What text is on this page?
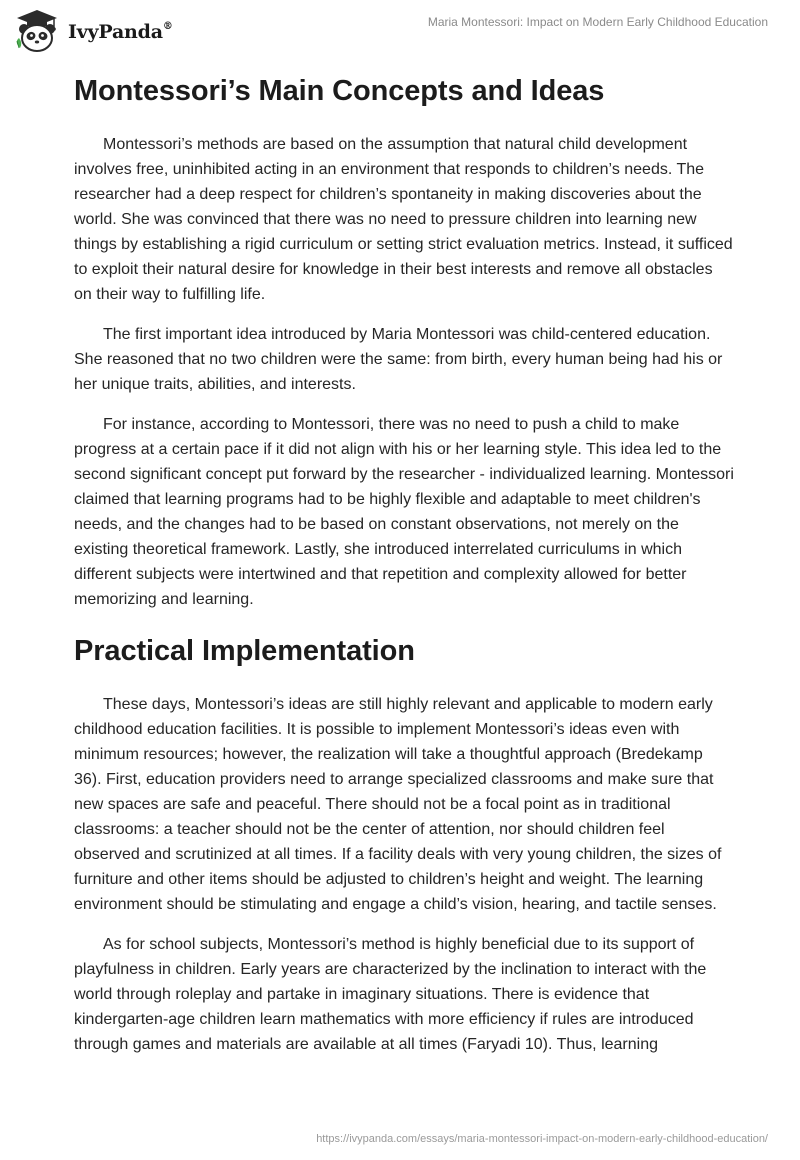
IvyPanda®	Maria Montessori: Impact on Modern Early Childhood Education
Montessori’s Main Concepts and Ideas

Montessori’s methods are based on the assumption that natural child development involves free, uninhibited acting in an environment that responds to children’s needs. The researcher had a deep respect for children’s spontaneity in making discoveries about the world. She was convinced that there was no need to pressure children into learning new things by establishing a rigid curriculum or setting strict evaluation metrics. Instead, it sufficed to exploit their natural desire for knowledge in their best interests and remove all obstacles on their way to fulfilling life.

The first important idea introduced by Maria Montessori was child-centered education. She reasoned that no two children were the same: from birth, every human being had his or her unique traits, abilities, and interests.

For instance, according to Montessori, there was no need to push a child to make progress at a certain pace if it did not align with his or her learning style. This idea led to the second significant concept put forward by the researcher - individualized learning. Montessori claimed that learning programs had to be highly flexible and adaptable to meet children's needs, and the changes had to be based on constant observations, not merely on the existing theoretical framework. Lastly, she introduced interrelated curriculums in which different subjects were intertwined and that repetition and complexity allowed for better memorizing and learning.

Practical Implementation

These days, Montessori’s ideas are still highly relevant and applicable to modern early childhood education facilities. It is possible to implement Montessori’s ideas even with minimum resources; however, the realization will take a thoughtful approach (Bredekamp 36). First, education providers need to arrange specialized classrooms and make sure that new spaces are safe and peaceful. There should not be a focal point as in traditional classrooms: a teacher should not be the center of attention, nor should children feel observed and scrutinized at all times. If a facility deals with very young children, the sizes of furniture and other items should be adjusted to children’s height and weight. The learning environment should be stimulating and engage a child’s vision, hearing, and tactile senses.

As for school subjects, Montessori’s method is highly beneficial due to its support of playfulness in children. Early years are characterized by the inclination to interact with the world through roleplay and partake in imaginary situations. There is evidence that kindergarten-age children learn mathematics with more efficiency if rules are introduced through games and materials are available at all times (Faryadi 10). Thus, learning

https://ivypanda.com/essays/maria-montessori-impact-on-modern-early-childhood-education/
